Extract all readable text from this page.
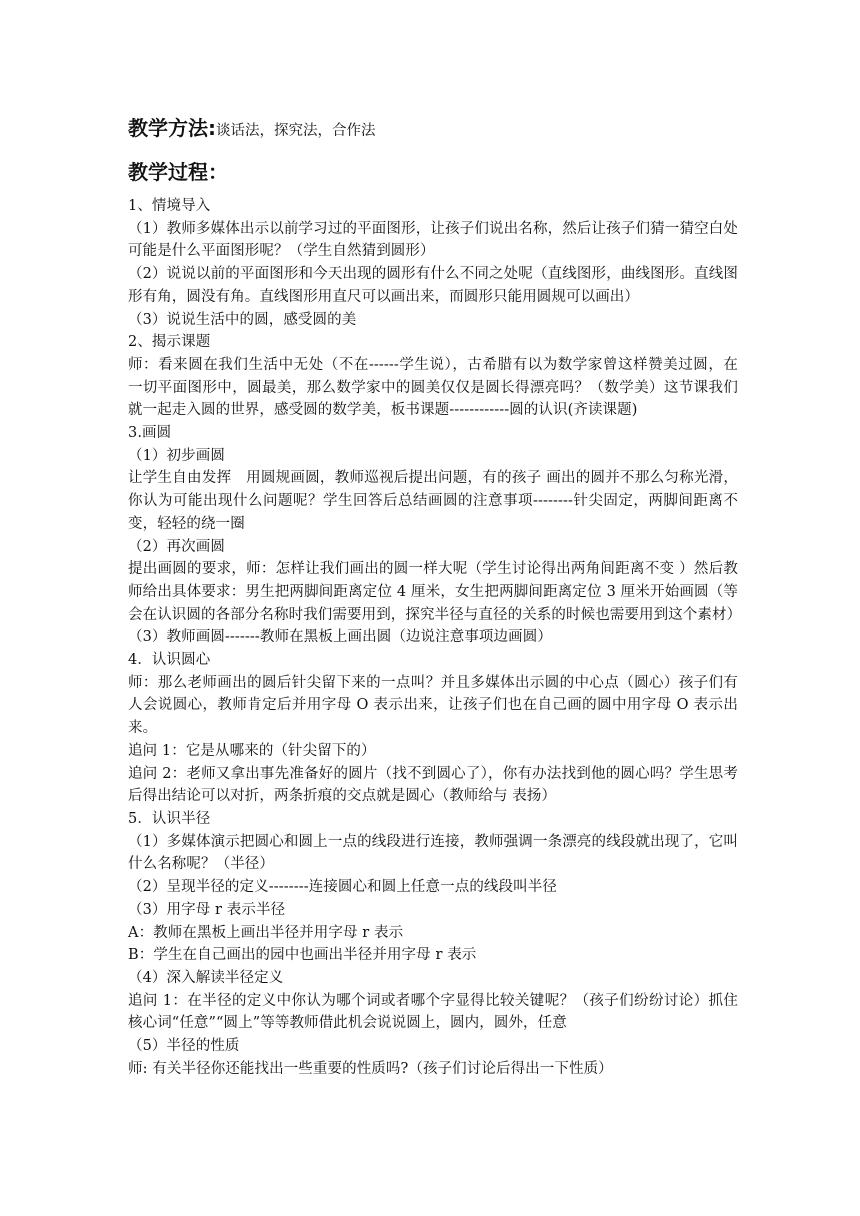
教学方法:谈话法，探究法，合作法

教学过程：

1、情境导入

（1）教师多媒体出示以前学习过的平面图形，让孩子们说出名称，然后让孩子们猜一猜空白处可能是什么平面图形呢？（学生自然猜到圆形）

（2）说说以前的平面图形和今天出现的圆形有什么不同之处呢（直线图形，曲线图形。直线图形有角，圆没有角。直线图形用直尺可以画出来，而圆形只能用圆规可以画出）

（3）说说生活中的圆，感受圆的美

2、揭示课题

师：看来圆在我们生活中无处（不在------学生说），古希腊有以为数学家曾这样赞美过圆，在 一切平面图形中，圆最美，那么数学家中的圆美仅仅是圆长得漂亮吗？（数学美）这节课我们就一起走入圆的世界，感受圆的数学美，板书课题------------圆的认识(齐读课题)

3.画圆

（1）初步画圆

让学生自由发挥　用圆规画圆，教师巡视后提出问题，有的孩子 画出的圆并不那么匀称光滑，你认为可能出现什么问题呢？学生回答后总结画圆的注意事项--------针尖固定，两脚间距离不变，轻轻的绕一圈

（2）再次画圆

提出画圆的要求，师：怎样让我们画出的圆一样大呢（学生讨论得出两角间距离不变 ）然后教师给出具体要求：男生把两脚间距离定位 4 厘米，女生把两脚间距离定位 3 厘米开始画圆（等会在认识圆的各部分名称时我们需要用到，探究半径与直径的关系的时候也需要用到这个素材）

（3）教师画圆-------教师在黑板上画出圆（边说注意事项边画圆）

4．认识圆心

师：那么老师画出的圆后针尖留下来的一点叫？并且多媒体出示圆的中心点（圆心）孩子们有人会说圆心，教师肯定后并用字母 O 表示出来，让孩子们也在自己画的圆中用字母 O 表示出来。

追问 1：它是从哪来的（针尖留下的）

追问 2：老师又拿出事先准备好的圆片（找不到圆心了），你有办法找到他的圆心吗？学生思考后得出结论可以对折，两条折痕的交点就是圆心（教师给与 表扬）

5．认识半径

（1）多媒体演示把圆心和圆上一点的线段进行连接，教师强调一条漂亮的线段就出现了，它叫什么名称呢？（半径）

（2）呈现半径的定义--------连接圆心和圆上任意一点的线段叫半径

（3）用字母 r 表示半径

A：教师在黑板上画出半径并用字母 r 表示

B：学生在自己画出的园中也画出半径并用字母 r 表示

（4）深入解读半径定义

追问 1：在半径的定义中你认为哪个词或者哪个字显得比较关键呢？（孩子们纷纷讨论）抓住核心词“任意”“圆上”等等教师借此机会说说圆上，圆内，圆外，任意

（5）半径的性质

师: 有关半径你还能找出一些重要的性质吗?（孩子们讨论后得出一下性质）
